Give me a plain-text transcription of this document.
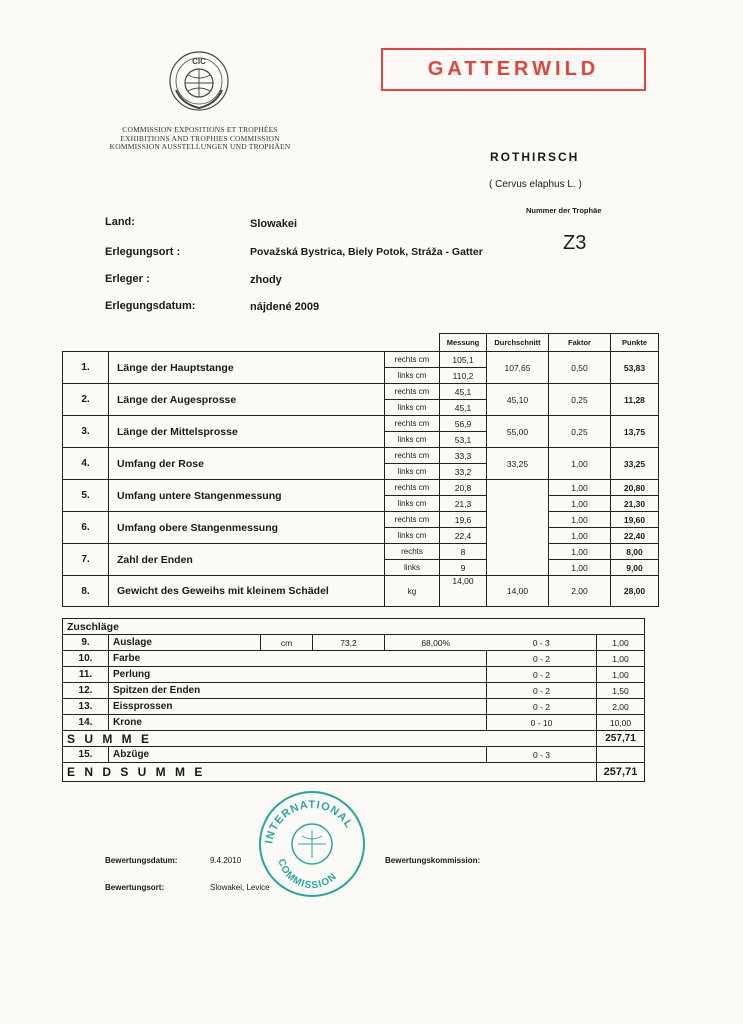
CIC
COMMISSION EXPOSITIONS ET TROPHÉES
EXHIBITIONS AND TROPHIES COMMISSION
KOMMISSION AUSSTELLUNGEN UND TROPHÄEN
GATTERWILD
ROTHIRSCH
( Cervus elaphus L. )
Nummer der Trophäe
Z3
Land:	Slowakei
Erlegungsort :	Považská Bystrica, Biely Potok, Stráža - Gatter
Erleger :	zhody
Erlegungsdatum:	nájdené 2009
			Messung	Durchschnitt	Faktor	Punkte
1.	Länge der Hauptstange	rechts cm	105,1	107,65	0,50	53,83
		links cm	110,2			
2.	Länge der Augesprosse	rechts cm	45,1	45,10	0,25	11,28
		links cm	45,1			
3.	Länge der Mittelsprosse	rechts cm	56,9	55,00	0,25	13,75
		links cm	53,1			
4.	Umfang der Rose	rechts cm	33,3	33,25	1,00	33,25
		links cm	33,2			
5.	Umfang untere Stangenmessung	rechts cm	20,8		1,00	20,80
		links cm	21,3		1,00	21,30
6.	Umfang obere Stangenmessung	rechts cm	19,6		1,00	19,60
		links cm	22,4		1,00	22,40
7.	Zahl der Enden	rechts	8		1,00	8,00
		links	9		1,00	9,00
8.	Gewicht des Geweihs mit kleinem Schädel	kg	14,00	14,00	2,00	28,00
Zuschläge						
9.	Auslage	cm	73,2	68,00%	0 - 3	1,00
10.	Farbe				0 - 2	1,00
11.	Perlung				0 - 2	1,00
12.	Spitzen der Enden				0 - 2	1,50
13.	Eissprossen				0 - 2	2,00
14.	Krone				0 - 10	10,00
S U M M E						257,71
15.	Abzüge				0 - 3	
E N D S U M M E						257,71
INTERNATIONAL
COMMISSION
Bewertungsdatum:	9.4.2010	Bewertungskommission:
Bewertungsort:	Slowakei, Levice
